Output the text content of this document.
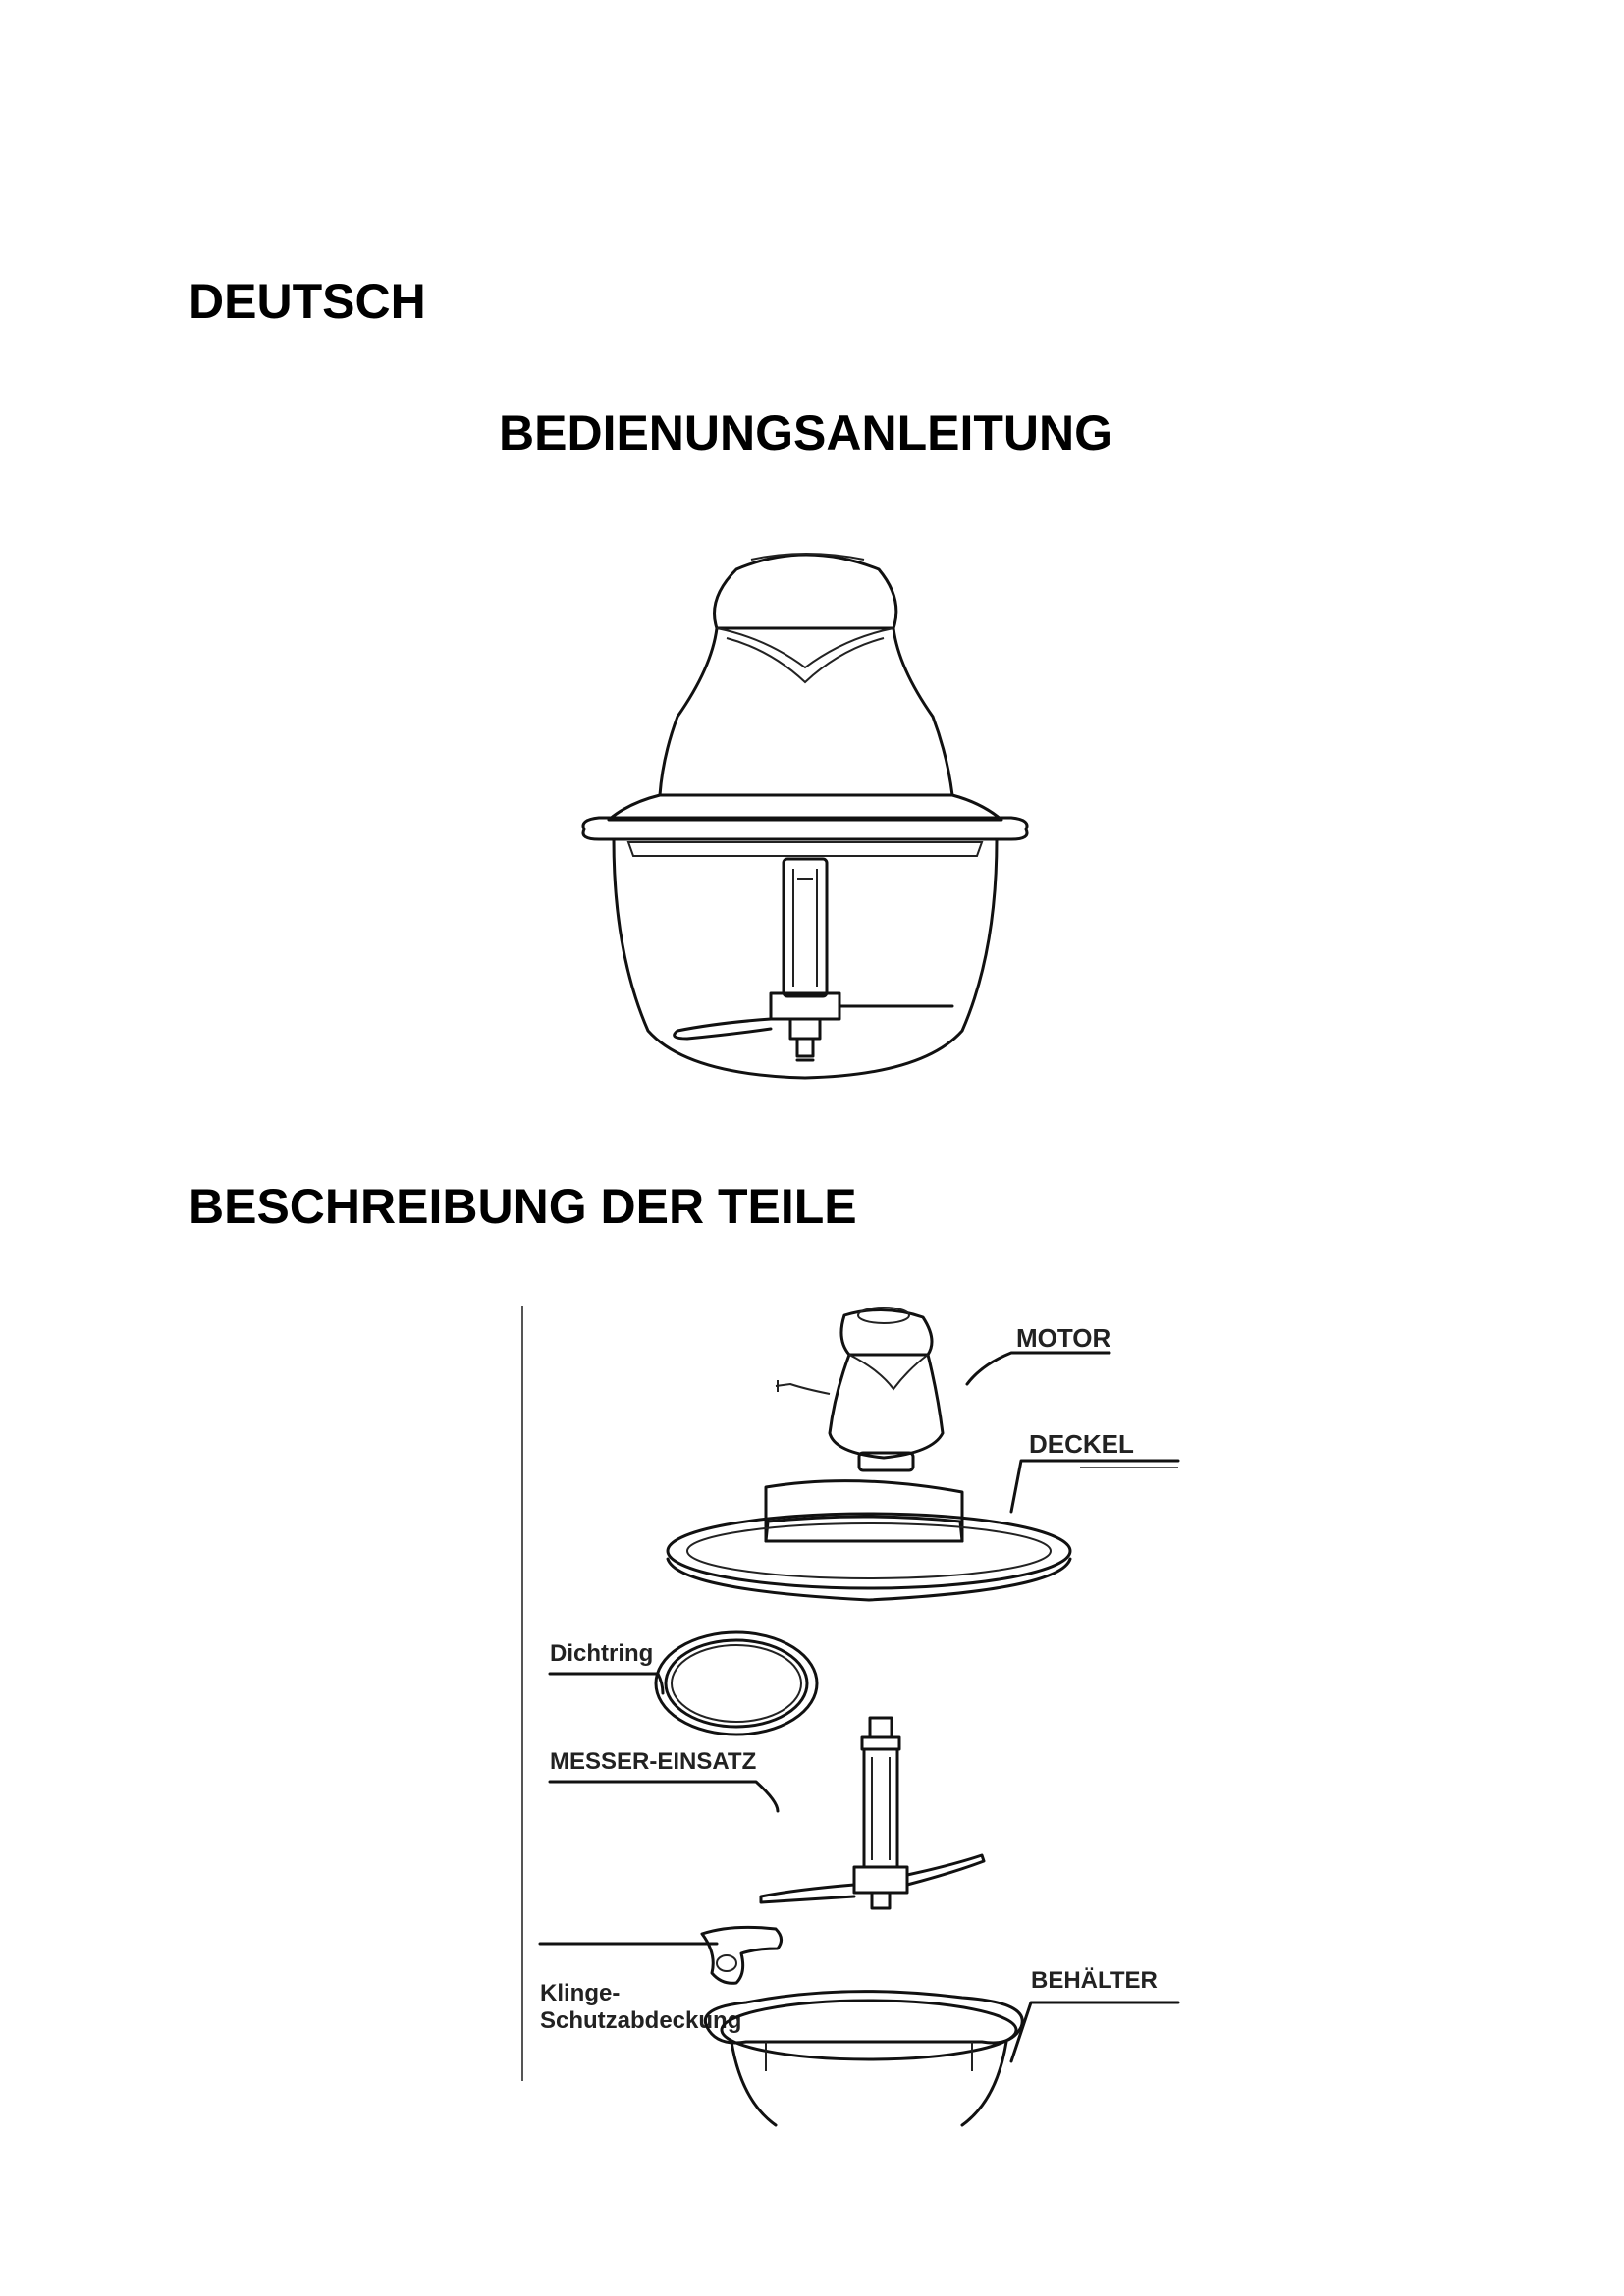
DEUTSCH
BEDIENUNGSANLEITUNG
BESCHREIBUNG DER TEILE
MOTOR
DECKEL
Dichtring
MESSER-EINSATZ
Klinge-
Schutzabdeckung
BEHÄLTER
